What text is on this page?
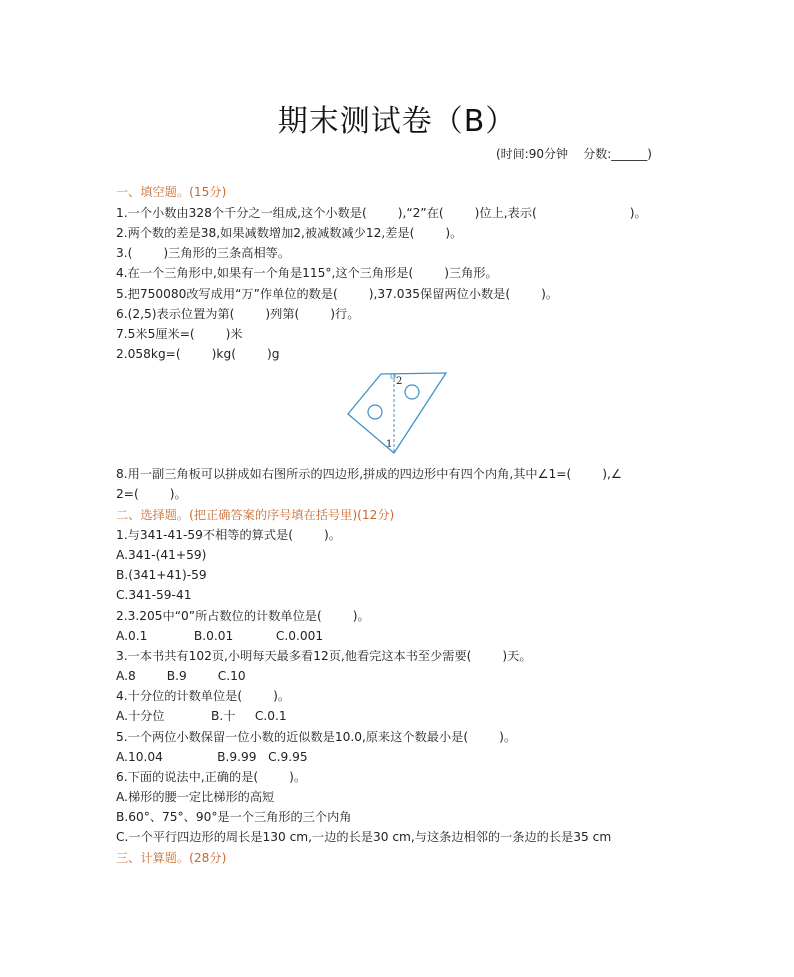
期末测试卷（B）
(时间:90分钟    分数:______)
一、填空题。(15分)
1.一个小数由328个千分之一组成,这个小数是(        ),“2”在(        )位上,表示(                        )。
2.两个数的差是38,如果减数增加2,被减数减少12,差是(        )。
3.(        )三角形的三条高相等。
4.在一个三角形中,如果有一个角是115°,这个三角形是(        )三角形。
5.把750080改写成用“万”作单位的数是(        ),37.035保留两位小数是(        )。
6.(2,5)表示位置为第(        )列第(        )行。
7.5米5厘米=(        )米
2.058kg=(        )kg(        )g
2
1
8.用一副三角板可以拼成如右图所示的四边形,拼成的四边形中有四个内角,其中∠1=(        ),∠
2=(        )。
二、选择题。(把正确答案的序号填在括号里)(12分)
1.与341-41-59不相等的算式是(        )。
A.341-(41+59)
B.(341+41)-59
C.341-59-41
2.3.205中“0”所占数位的计数单位是(        )。
A.0.1            B.0.01           C.0.001
3.一本书共有102页,小明每天最多看12页,他看完这本书至少需要(        )天。
A.8        B.9        C.10
4.十分位的计数单位是(        )。
A.十分位            B.十     C.0.1
5.一个两位小数保留一位小数的近似数是10.0,原来这个数最小是(        )。
A.10.04              B.9.99   C.9.95
6.下面的说法中,正确的是(        )。
A.梯形的腰一定比梯形的高短
B.60°、75°、90°是一个三角形的三个内角
C.一个平行四边形的周长是130 cm,一边的长是30 cm,与这条边相邻的一条边的长是35 cm
三、计算题。(28分)
